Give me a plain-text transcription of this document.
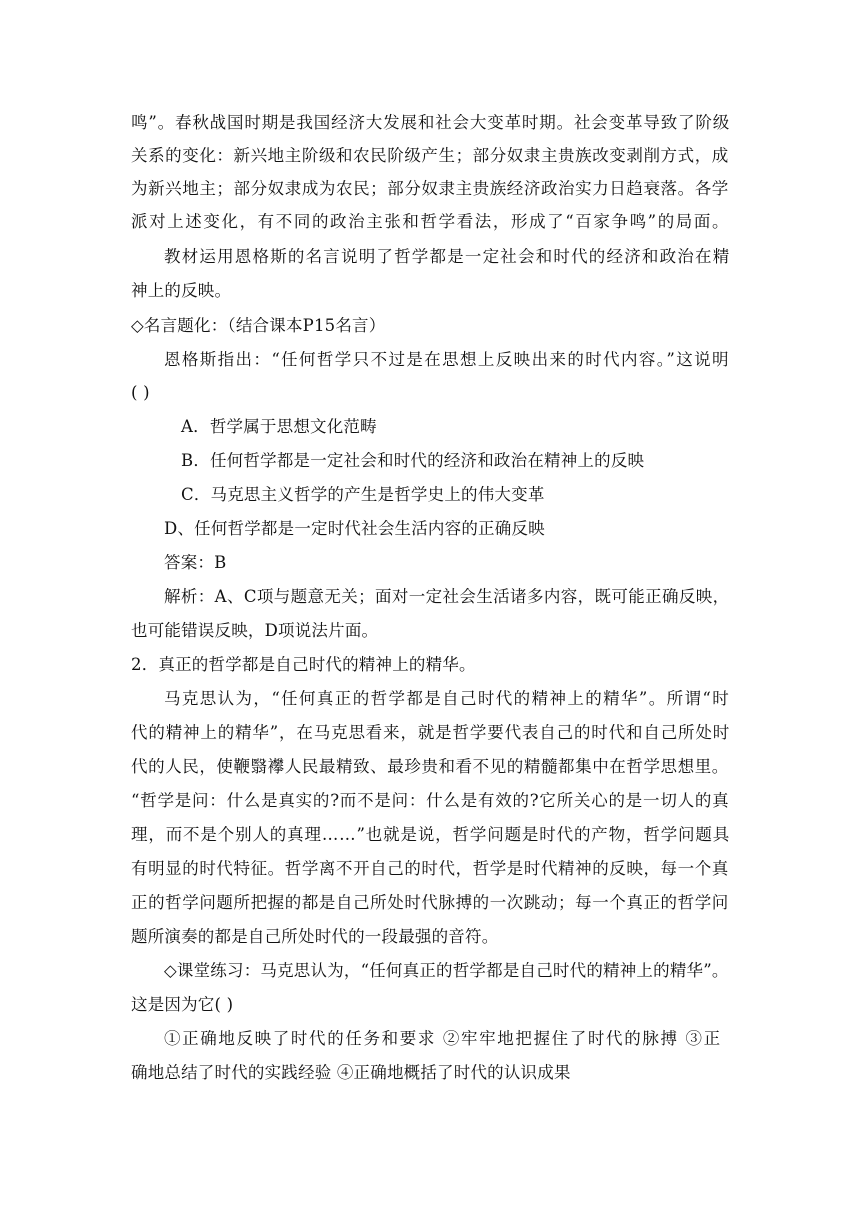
鸣”。春秋战国时期是我国经济大发展和社会大变革时期。社会变革导致了阶级
关系的变化：新兴地主阶级和农民阶级产生；部分奴隶主贵族改变剥削方式，成
为新兴地主；部分奴隶成为农民；部分奴隶主贵族经济政治实力日趋衰落。各学
派对上述变化，有不同的政治主张和哲学看法，形成了“百家争鸣”的局面。
教材运用恩格斯的名言说明了哲学都是一定社会和时代的经济和政治在精
神上的反映。
◇名言题化：（结合课本P15名言）
恩格斯指出：“任何哲学只不过是在思想上反映出来的时代内容。”这说明
( )
A．哲学属于思想文化范畴
B．任何哲学都是一定社会和时代的经济和政治在精神上的反映
C．马克思主义哲学的产生是哲学史上的伟大变革
D、任何哲学都是一定时代社会生活内容的正确反映
答案：B
解析：A、C项与题意无关；面对一定社会生活诸多内容，既可能正确反映，
也可能错误反映，D项说法片面。
2．真正的哲学都是自己时代的精神上的精华。
马克思认为，“任何真正的哲学都是自己时代的精神上的精华”。所谓“时
代的精神上的精华”，在马克思看来，就是哲学要代表自己的时代和自己所处时
代的人民，使鞭翳襻人民最精致、最珍贵和看不见的精髓都集中在哲学思想里。
“哲学是问：什么是真实的?而不是问：什么是有效的?它所关心的是一切人的真
理，而不是个别人的真理……”也就是说，哲学问题是时代的产物，哲学问题具
有明显的时代特征。哲学离不开自己的时代，哲学是时代精神的反映，每一个真
正的哲学问题所把握的都是自己所处时代脉搏的一次跳动；每一个真正的哲学问
题所演奏的都是自己所处时代的一段最强的音符。
◇课堂练习：马克思认为，“任何真正的哲学都是自己时代的精神上的精华”。
这是因为它( )
①正确地反映了时代的任务和要求 ②牢牢地把握住了时代的脉搏 ③正
确地总结了时代的实践经验 ④正确地概括了时代的认识成果
